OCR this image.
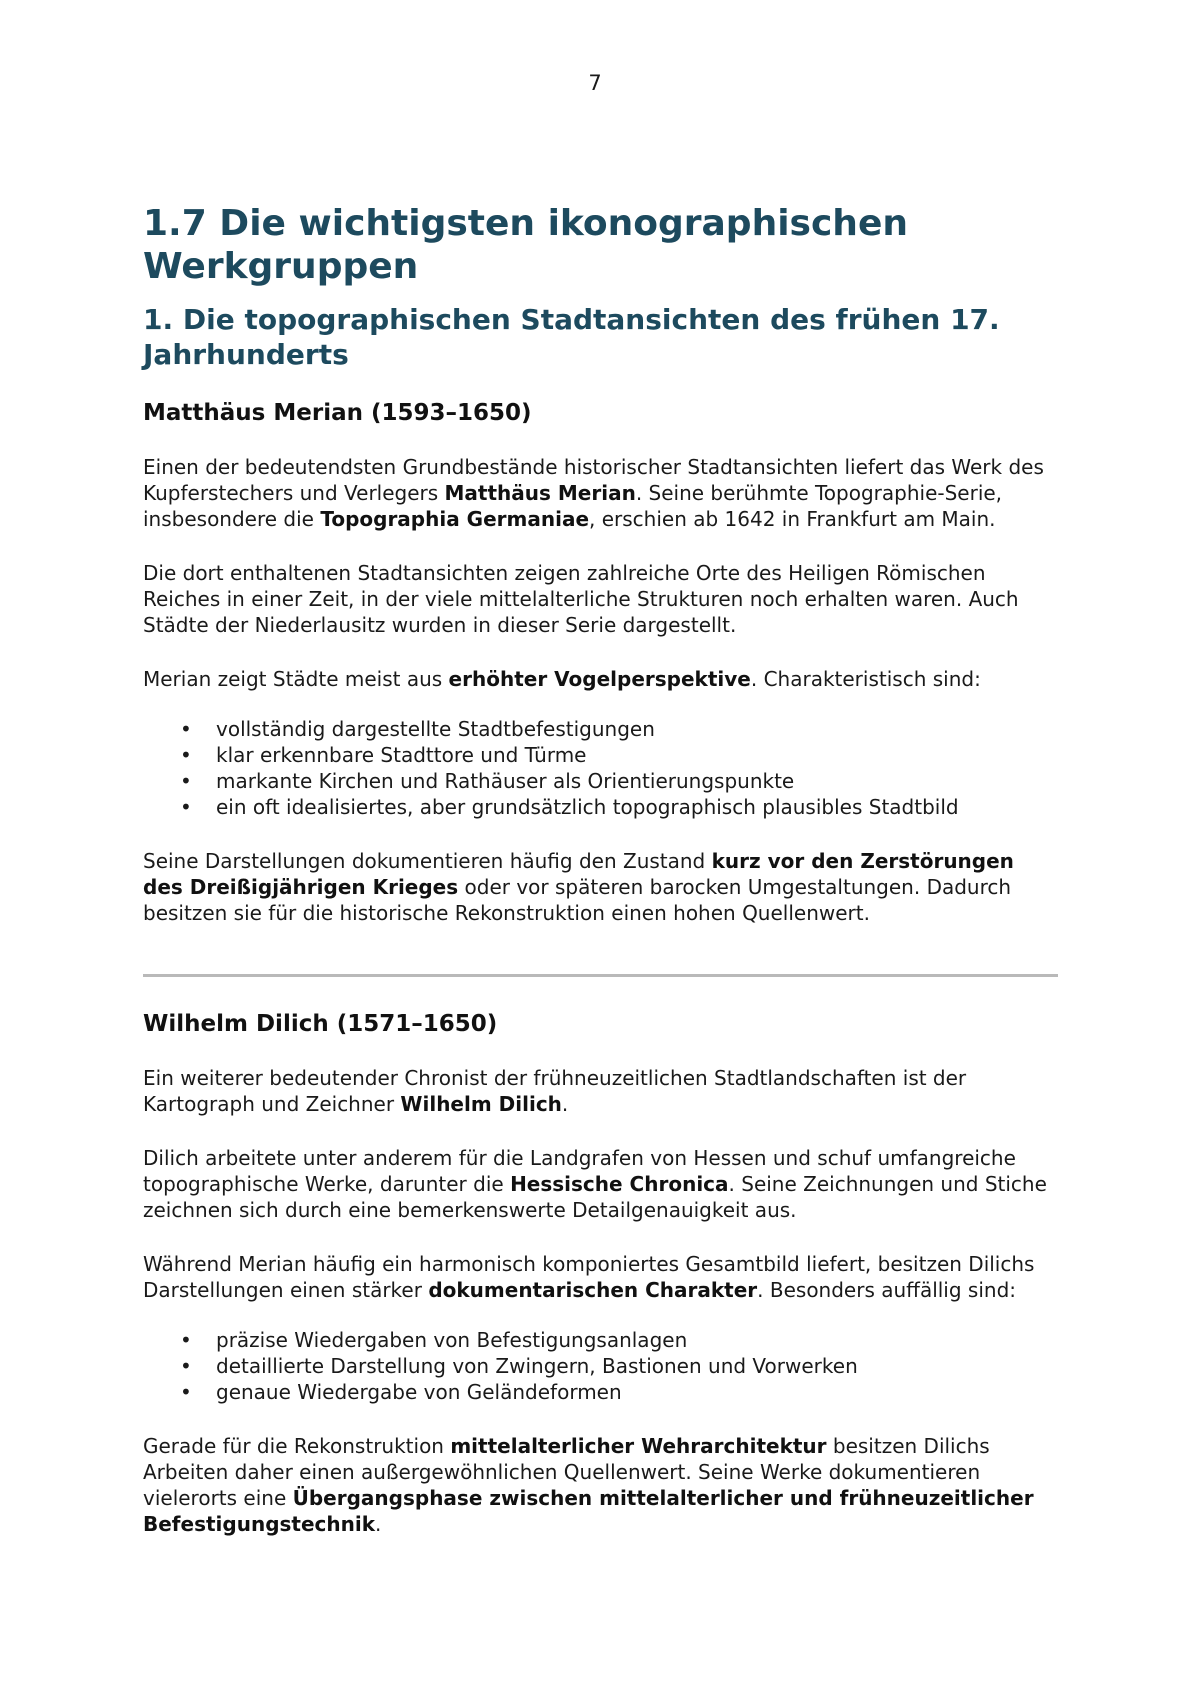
7
1.7 Die wichtigsten ikonographischen Werkgruppen
1. Die topographischen Stadtansichten des frühen 17. Jahrhunderts
Matthäus Merian (1593–1650)

Einen der bedeutendsten Grundbestände historischer Stadtansichten liefert das Werk des Kupferstechers und Verlegers Matthäus Merian. Seine berühmte Topographie-Serie, insbesondere die Topographia Germaniae, erschien ab 1642 in Frankfurt am Main.

Die dort enthaltenen Stadtansichten zeigen zahlreiche Orte des Heiligen Römischen Reiches in einer Zeit, in der viele mittelalterliche Strukturen noch erhalten waren. Auch Städte der Niederlausitz wurden in dieser Serie dargestellt.

Merian zeigt Städte meist aus erhöhter Vogelperspektive. Charakteristisch sind:

• vollständig dargestellte Stadtbefestigungen
• klar erkennbare Stadttore und Türme
• markante Kirchen und Rathäuser als Orientierungspunkte
• ein oft idealisiertes, aber grundsätzlich topographisch plausibles Stadtbild

Seine Darstellungen dokumentieren häufig den Zustand kurz vor den Zerstörungen des Dreißigjährigen Krieges oder vor späteren barocken Umgestaltungen. Dadurch besitzen sie für die historische Rekonstruktion einen hohen Quellenwert.

Wilhelm Dilich (1571–1650)

Ein weiterer bedeutender Chronist der frühneuzeitlichen Stadtlandschaften ist der Kartograph und Zeichner Wilhelm Dilich.

Dilich arbeitete unter anderem für die Landgrafen von Hessen und schuf umfangreiche topographische Werke, darunter die Hessische Chronica. Seine Zeichnungen und Stiche zeichnen sich durch eine bemerkenswerte Detailgenauigkeit aus.

Während Merian häufig ein harmonisch komponiertes Gesamtbild liefert, besitzen Dilichs Darstellungen einen stärker dokumentarischen Charakter. Besonders auffällig sind:

• präzise Wiedergaben von Befestigungsanlagen
• detaillierte Darstellung von Zwingern, Bastionen und Vorwerken
• genaue Wiedergabe von Geländeformen

Gerade für die Rekonstruktion mittelalterlicher Wehrarchitektur besitzen Dilichs Arbeiten daher einen außergewöhnlichen Quellenwert. Seine Werke dokumentieren vielerorts eine Übergangsphase zwischen mittelalterlicher und frühneuzeitlicher Befestigungstechnik.
